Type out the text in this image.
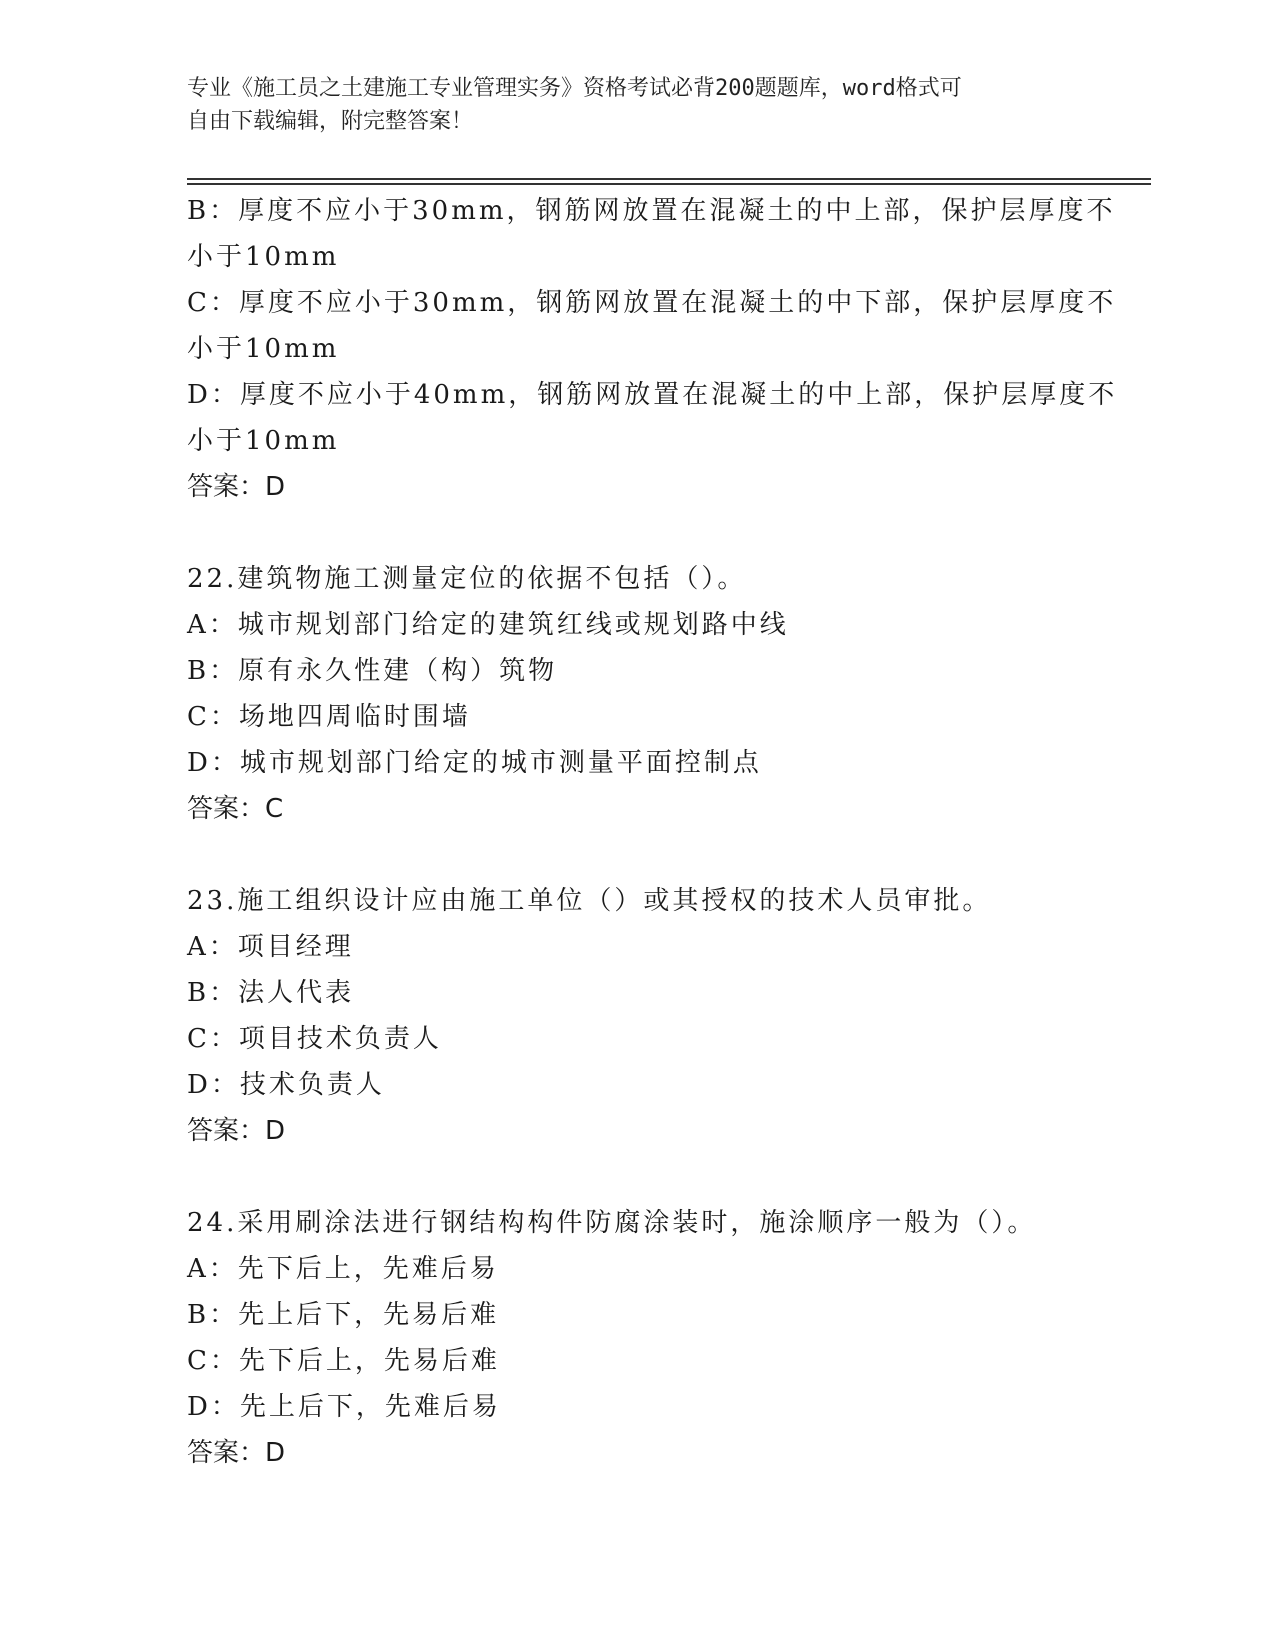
专业《施工员之土建施工专业管理实务》资格考试必背200题题库，word格式可
自由下载编辑，附完整答案！
B：厚度不应小于30mm，钢筋网放置在混凝土的中上部，保护层厚度不
小于10mm
C：厚度不应小于30mm，钢筋网放置在混凝土的中下部，保护层厚度不
小于10mm
D：厚度不应小于40mm，钢筋网放置在混凝土的中上部，保护层厚度不
小于10mm
答案：D
22.建筑物施工测量定位的依据不包括（）。
A：城市规划部门给定的建筑红线或规划路中线
B：原有永久性建（构）筑物
C：场地四周临时围墙
D：城市规划部门给定的城市测量平面控制点
答案：C
23.施工组织设计应由施工单位（）或其授权的技术人员审批。
A：项目经理
B：法人代表
C：项目技术负责人
D：技术负责人
答案：D
24.采用刷涂法进行钢结构构件防腐涂装时，施涂顺序一般为（）。
A：先下后上，先难后易
B：先上后下，先易后难
C：先下后上，先易后难
D：先上后下，先难后易
答案：D
